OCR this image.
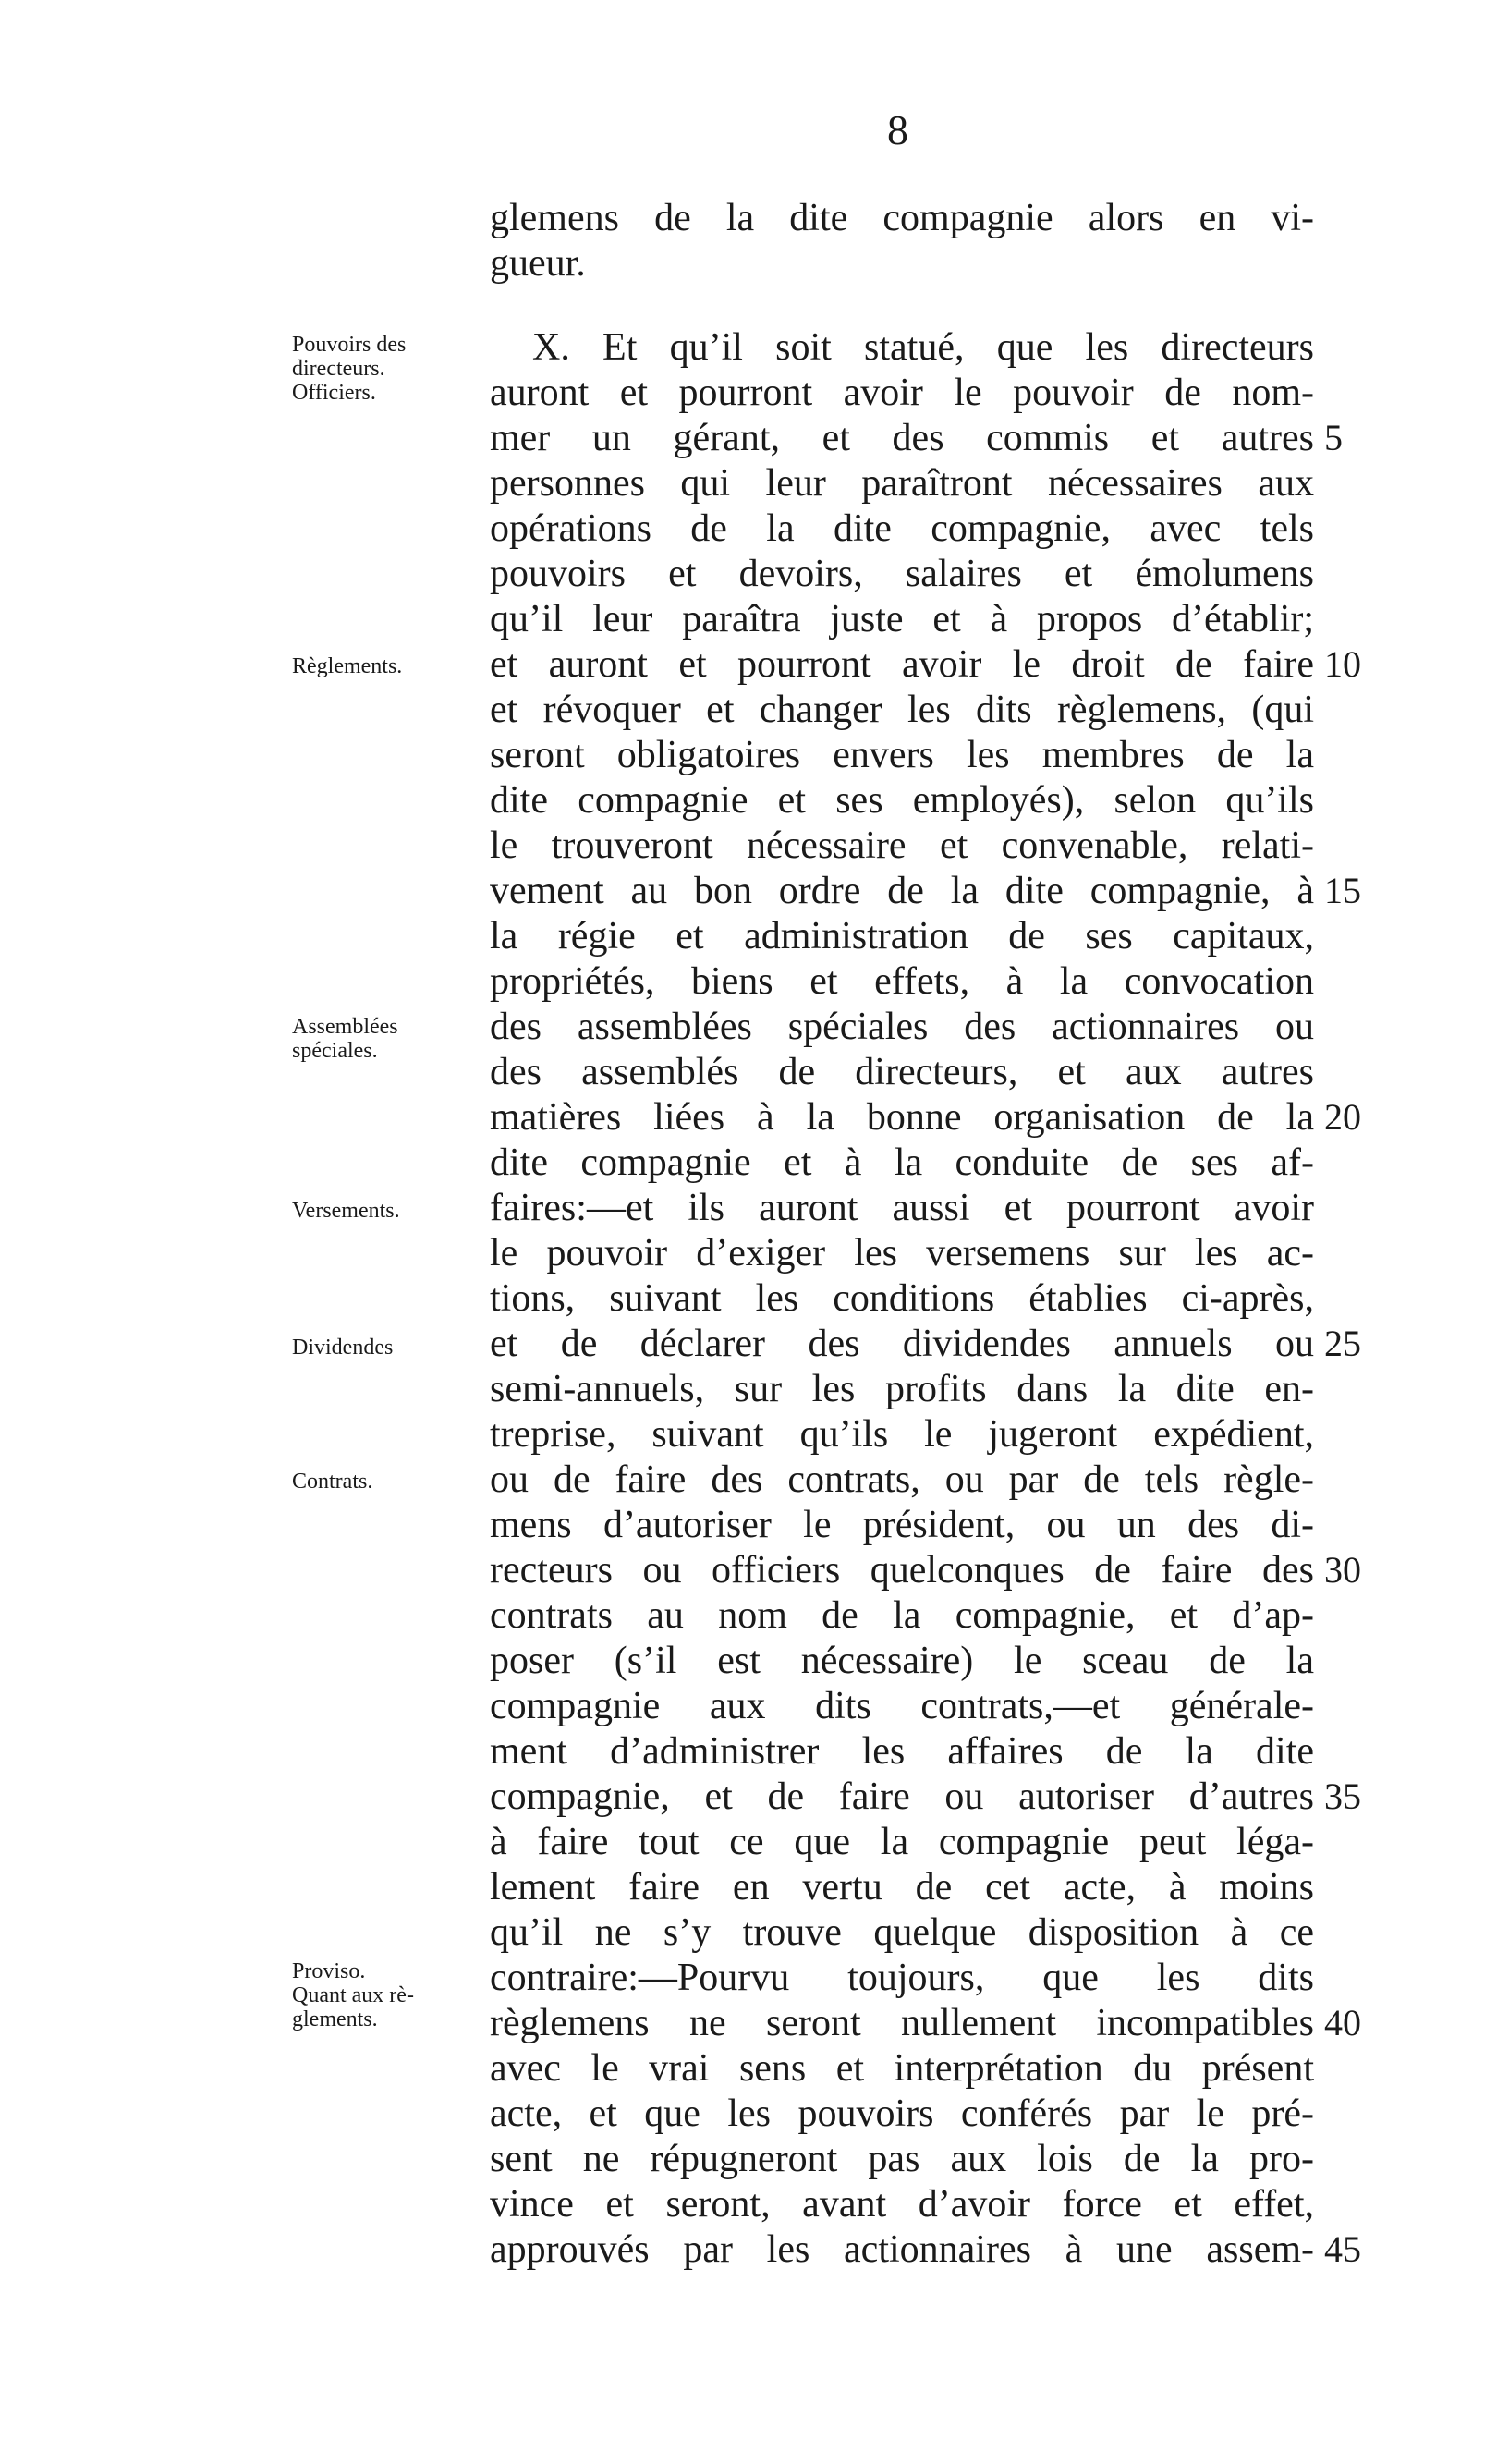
8
glemens de la dite compagnie alors en vi-
gueur.
X. Et qu’il soit statué, que les directeurs
auront et pourront avoir le pouvoir de nom-
mer un gérant, et des commis et autres
personnes qui leur paraîtront nécessaires aux
opérations de la dite compagnie, avec tels
pouvoirs et devoirs, salaires et émolumens
qu’il leur paraîtra juste et à propos d’établir;
et auront et pourront avoir le droit de faire
et révoquer et changer les dits règlemens, (qui
seront obligatoires envers les membres de la
dite compagnie et ses employés), selon qu’ils
le trouveront nécessaire et convenable, relati-
vement au bon ordre de la dite compagnie, à
la régie et administration de ses capitaux,
propriétés, biens et effets, à la convocation
des assemblées spéciales des actionnaires ou
des assemblés de directeurs, et aux autres
matières liées à la bonne organisation de la
dite compagnie et à la conduite de ses af-
faires:—et ils auront aussi et pourront avoir
le pouvoir d’exiger les versemens sur les ac-
tions, suivant les conditions établies ci-après,
et de déclarer des dividendes annuels ou
semi-annuels, sur les profits dans la dite en-
treprise, suivant qu’ils le jugeront expédient,
ou de faire des contrats, ou par de tels règle-
mens d’autoriser le président, ou un des di-
recteurs ou officiers quelconques de faire des
contrats au nom de la compagnie, et d’ap-
poser (s’il est nécessaire) le sceau de la
compagnie aux dits contrats,—et générale-
ment d’administrer les affaires de la dite
compagnie, et de faire ou autoriser d’autres
à faire tout ce que la compagnie peut léga-
lement faire en vertu de cet acte, à moins
qu’il ne s’y trouve quelque disposition à ce
contraire:—Pourvu toujours, que les dits
règlemens ne seront nullement incompatibles
avec le vrai sens et interprétation du présent
acte, et que les pouvoirs conférés par le pré-
sent ne répugneront pas aux lois de la pro-
vince et seront, avant d’avoir force et effet,
approuvés par les actionnaires à une assem-
5
10
15
20
25
30
35
40
45
Pouvoirs des
directeurs.
Officiers.
Règlements.
Assemblées
spéciales.
Versements.
Dividendes
Contrats.
Proviso.
Quant aux rè-
glements.
